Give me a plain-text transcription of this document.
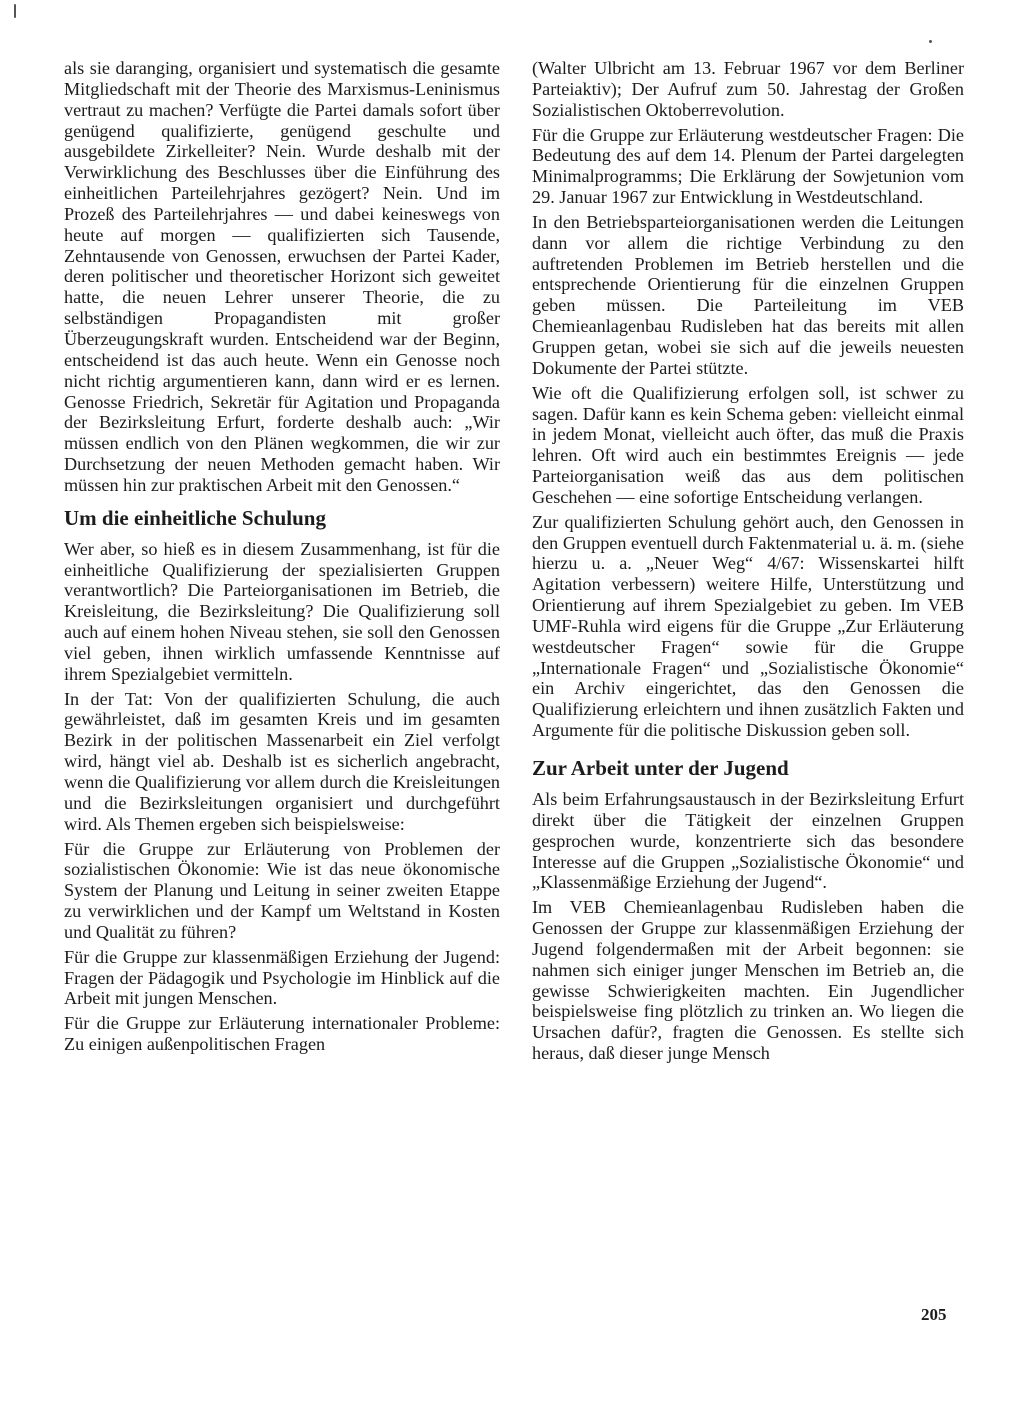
als sie daranging, organisiert und systematisch die gesamte Mitgliedschaft mit der Theorie des Marxismus-Leninismus vertraut zu machen? Verfügte die Partei damals sofort über genügend qualifizierte, genügend geschulte und ausgebildete Zirkelleiter? Nein. Wurde deshalb mit der Verwirklichung des Beschlusses über die Einführung des einheitlichen Parteilehrjahres gezögert? Nein. Und im Prozeß des Parteilehrjahres — und dabei keineswegs von heute auf morgen — qualifizierten sich Tausende, Zehntausende von Genossen, erwuchsen der Partei Kader, deren politischer und theoretischer Horizont sich geweitet hatte, die neuen Lehrer unserer Theorie, die zu selbständigen Propagandisten mit großer Überzeugungskraft wurden. Entscheidend war der Beginn, entscheidend ist das auch heute. Wenn ein Genosse noch nicht richtig argumentieren kann, dann wird er es lernen. Genosse Friedrich, Sekretär für Agitation und Propaganda der Bezirksleitung Erfurt, forderte deshalb auch: „Wir müssen endlich von den Plänen wegkommen, die wir zur Durchsetzung der neuen Methoden gemacht haben. Wir müssen hin zur praktischen Arbeit mit den Genossen.“

Um die einheitliche Schulung

Wer aber, so hieß es in diesem Zusammenhang, ist für die einheitliche Qualifizierung der spezialisierten Gruppen verantwortlich? Die Parteiorganisationen im Betrieb, die Kreisleitung, die Bezirksleitung? Die Qualifizierung soll auch auf einem hohen Niveau stehen, sie soll den Genossen viel geben, ihnen wirklich umfassende Kenntnisse auf ihrem Spezialgebiet vermitteln.

In der Tat: Von der qualifizierten Schulung, die auch gewährleistet, daß im gesamten Kreis und im gesamten Bezirk in der politischen Massenarbeit ein Ziel verfolgt wird, hängt viel ab. Deshalb ist es sicherlich angebracht, wenn die Qualifizierung vor allem durch die Kreisleitungen und die Bezirksleitungen organisiert und durchgeführt wird. Als Themen ergeben sich beispielsweise:

Für die Gruppe zur Erläuterung von Problemen der sozialistischen Ökonomie: Wie ist das neue ökonomische System der Planung und Leitung in seiner zweiten Etappe zu verwirklichen und der Kampf um Weltstand in Kosten und Qualität zu führen?

Für die Gruppe zur klassenmäßigen Erziehung der Jugend: Fragen der Pädagogik und Psychologie im Hinblick auf die Arbeit mit jungen Menschen.

Für die Gruppe zur Erläuterung internationaler Probleme: Zu einigen außenpolitischen Fragen

(Walter Ulbricht am 13. Februar 1967 vor dem Berliner Parteiaktiv); Der Aufruf zum 50. Jahrestag der Großen Sozialistischen Oktoberrevolution.

Für die Gruppe zur Erläuterung westdeutscher Fragen: Die Bedeutung des auf dem 14. Plenum der Partei dargelegten Minimalprogramms; Die Erklärung der Sowjetunion vom 29. Januar 1967 zur Entwicklung in Westdeutschland.

In den Betriebsparteiorganisationen werden die Leitungen dann vor allem die richtige Verbindung zu den auftretenden Problemen im Betrieb herstellen und die entsprechende Orientierung für die einzelnen Gruppen geben müssen. Die Parteileitung im VEB Chemieanlagenbau Rudisleben hat das bereits mit allen Gruppen getan, wobei sie sich auf die jeweils neuesten Dokumente der Partei stützte.

Wie oft die Qualifizierung erfolgen soll, ist schwer zu sagen. Dafür kann es kein Schema geben: vielleicht einmal in jedem Monat, vielleicht auch öfter, das muß die Praxis lehren. Oft wird auch ein bestimmtes Ereignis — jede Parteiorganisation weiß das aus dem politischen Geschehen — eine sofortige Entscheidung verlangen.

Zur qualifizierten Schulung gehört auch, den Genossen in den Gruppen eventuell durch Faktenmaterial u. ä. m. (siehe hierzu u. a. „Neuer Weg“ 4/67: Wissenskartei hilft Agitation verbessern) weitere Hilfe, Unterstützung und Orientierung auf ihrem Spezialgebiet zu geben. Im VEB UMF-Ruhla wird eigens für die Gruppe „Zur Erläuterung westdeutscher Fragen“ sowie für die Gruppe „Internationale Fragen“ und „Sozialistische Ökonomie“ ein Archiv eingerichtet, das den Genossen die Qualifizierung erleichtern und ihnen zusätzlich Fakten und Argumente für die politische Diskussion geben soll.

Zur Arbeit unter der Jugend

Als beim Erfahrungsaustausch in der Bezirksleitung Erfurt direkt über die Tätigkeit der einzelnen Gruppen gesprochen wurde, konzentrierte sich das besondere Interesse auf die Gruppen „Sozialistische Ökonomie“ und „Klassenmäßige Erziehung der Jugend“.

Im VEB Chemieanlagenbau Rudisleben haben die Genossen der Gruppe zur klassenmäßigen Erziehung der Jugend folgendermaßen mit der Arbeit begonnen: sie nahmen sich einiger junger Menschen im Betrieb an, die gewisse Schwierigkeiten machten. Ein Jugendlicher beispielsweise fing plötzlich zu trinken an. Wo liegen die Ursachen dafür?, fragten die Genossen. Es stellte sich heraus, daß dieser junge Mensch

205
